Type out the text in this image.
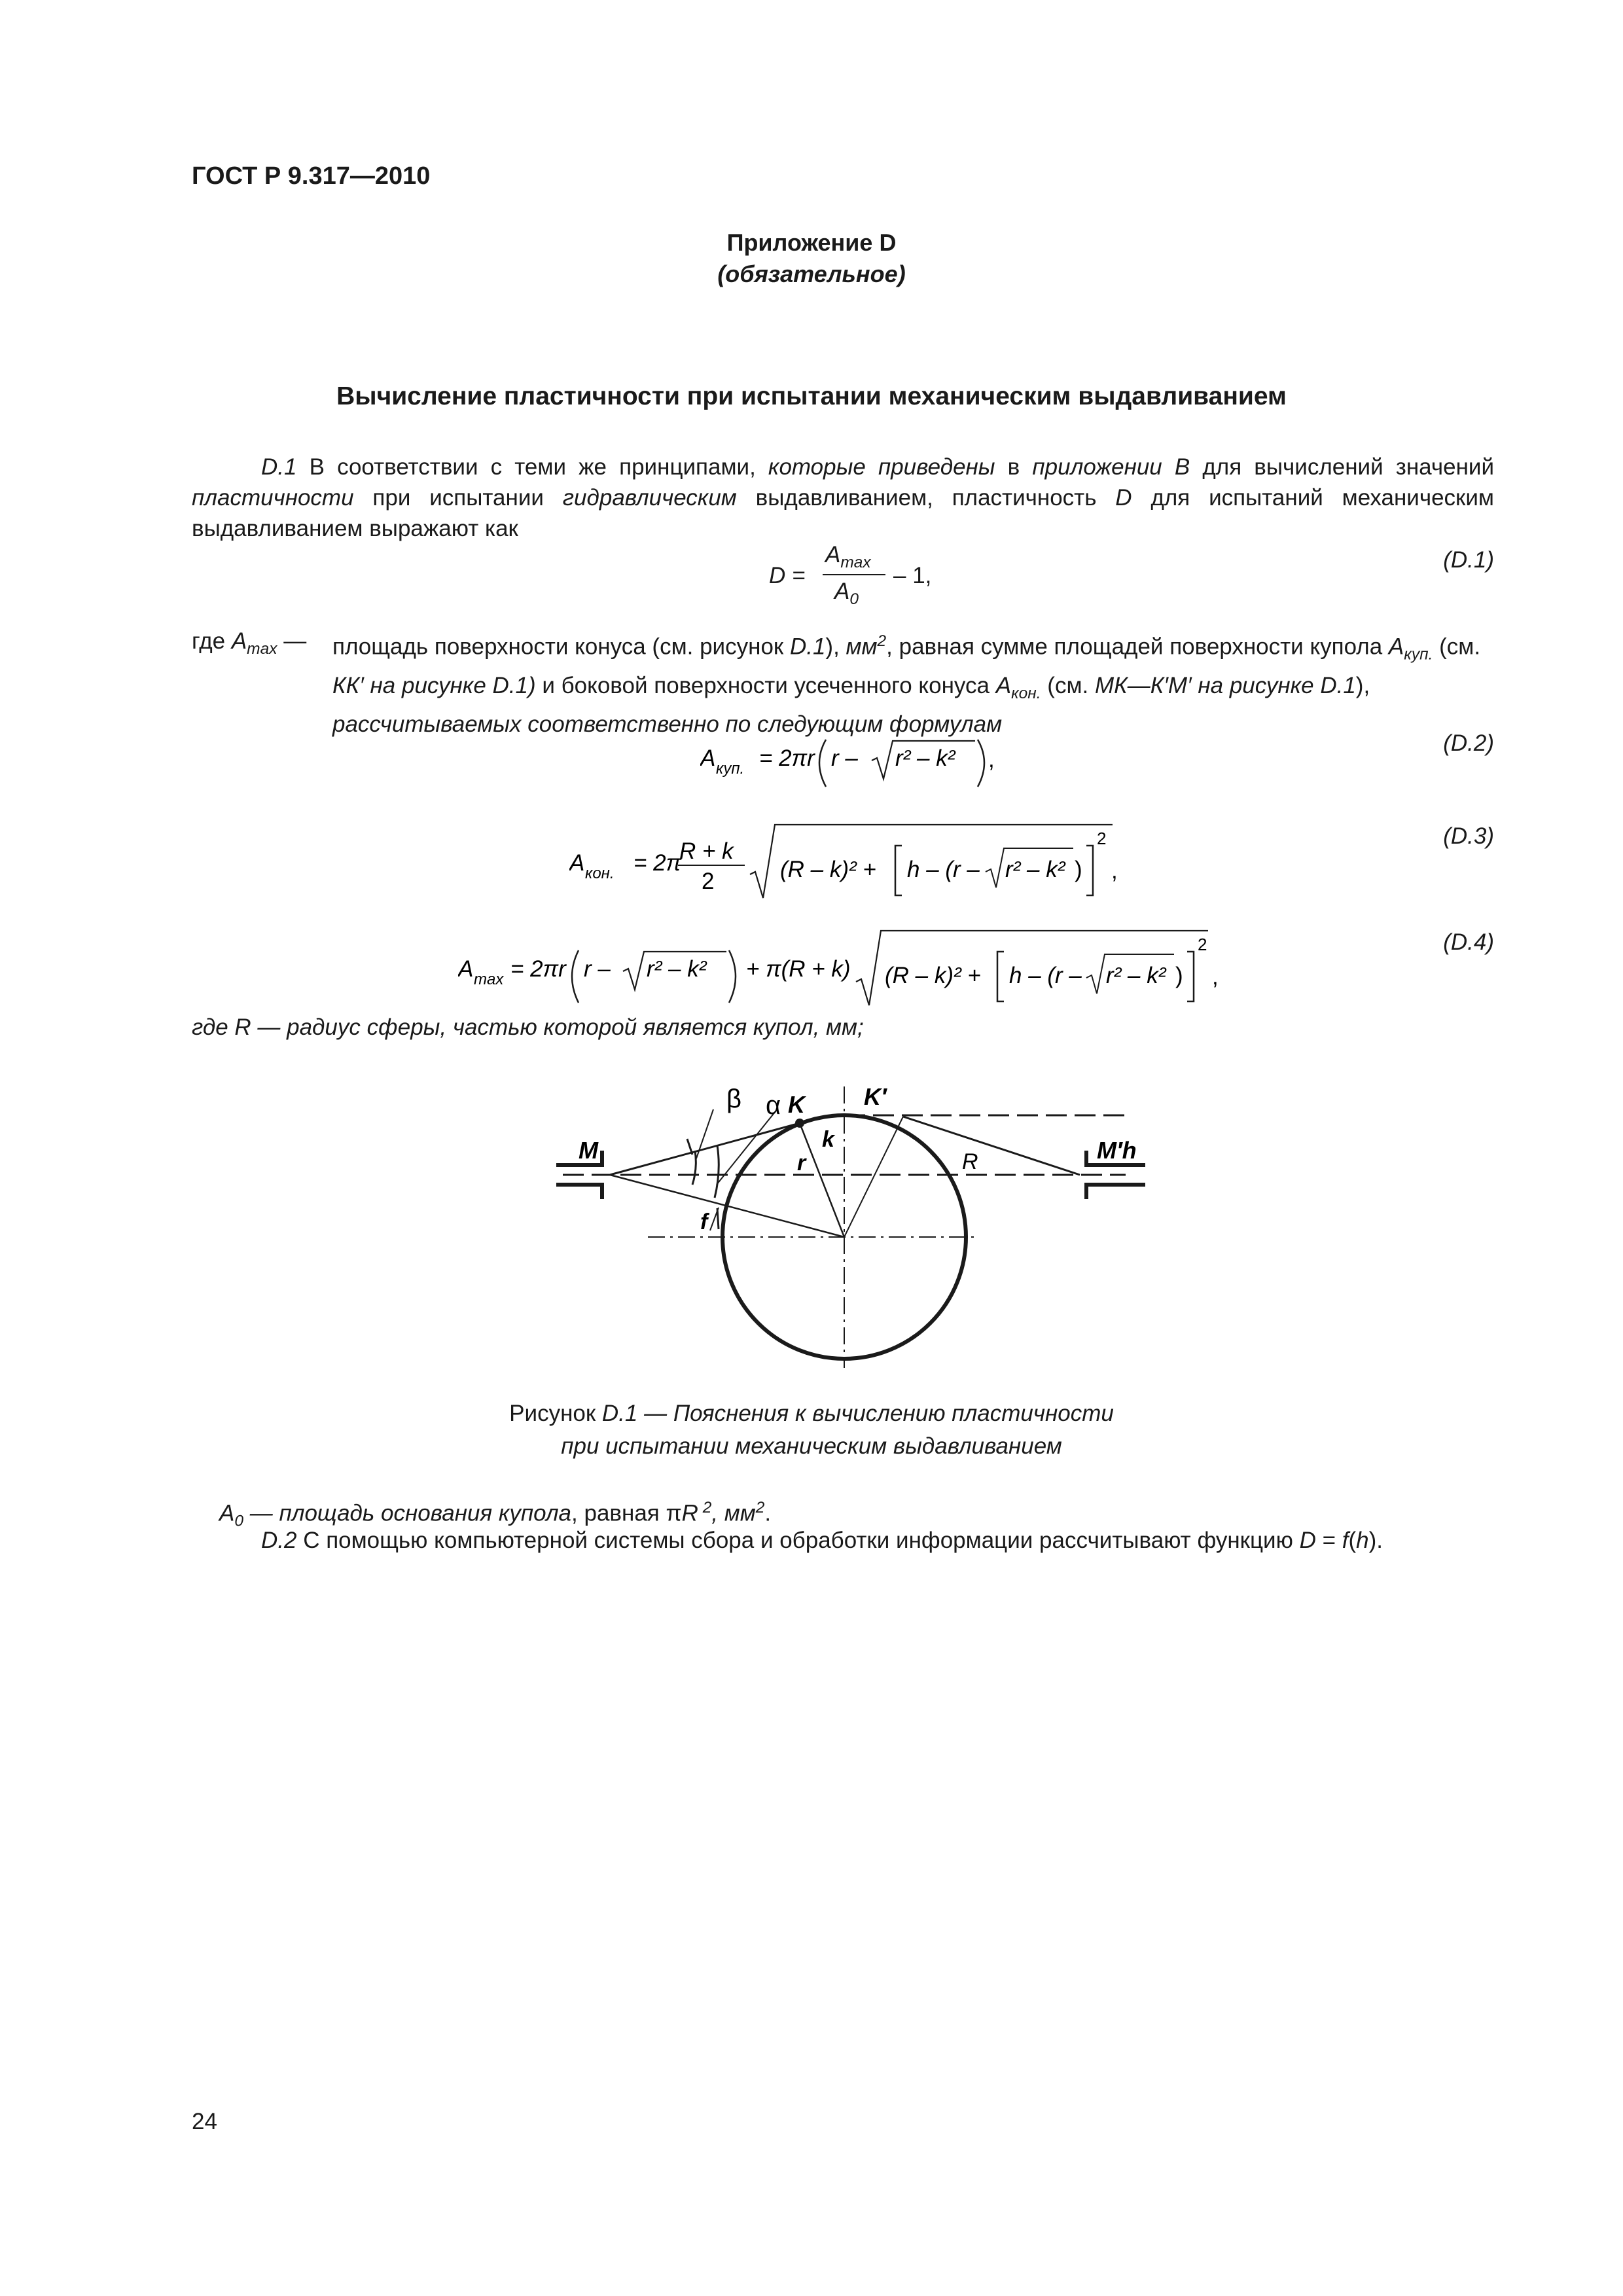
ГОСТ Р 9.317—2010
Приложение D
(обязательное)
Вычисление пластичности при испытании механическим выдавливанием
D.1 В соответствии с теми же принципами, которые приведены в приложении В для вычислений значений пластичности при испытании гидравлическим выдавливанием, пластичность D для испытаний механическим выдавливанием выражают как
D =
$A_{max}$
$A_0$
– 1,
(D.1)
где $A_{max}$ — площадь поверхности конуса (см. рисунок D.1), $мм^2$, равная сумме площадей поверхности купола $A_{куп.}$ (см. КК′ на рисунке D.1) и боковой поверхности усеченного конуса $A_{кон.}$ (см. МК—К′М′ на рисунке D.1),
рассчитываемых соответственно по следующим формулам
A куп. = 2πr r – r² – k² ,
(D.2)
A кон. = 2π
R + k
2	(R – k)² + h – (r – r² – k² )
2
,
(D.3)
A max = 2πr r – r² – k² + π(R + k) (R – k)² + h – (r – r² – k² )
2
,
(D.4)
где R — радиус сферы, частью которой является купол, мм;
β α K	K′
k
r	R
M	M′h
f
Рисунок D.1 — Пояснения к вычислению пластичности
при испытании механическим выдавливанием
$A_0$ — площадь основания купола, равная πR $^2$, $мм^2$.
D.2 С помощью компьютерной системы сбора и обработки информации рассчитывают функцию D = f(h).
24
